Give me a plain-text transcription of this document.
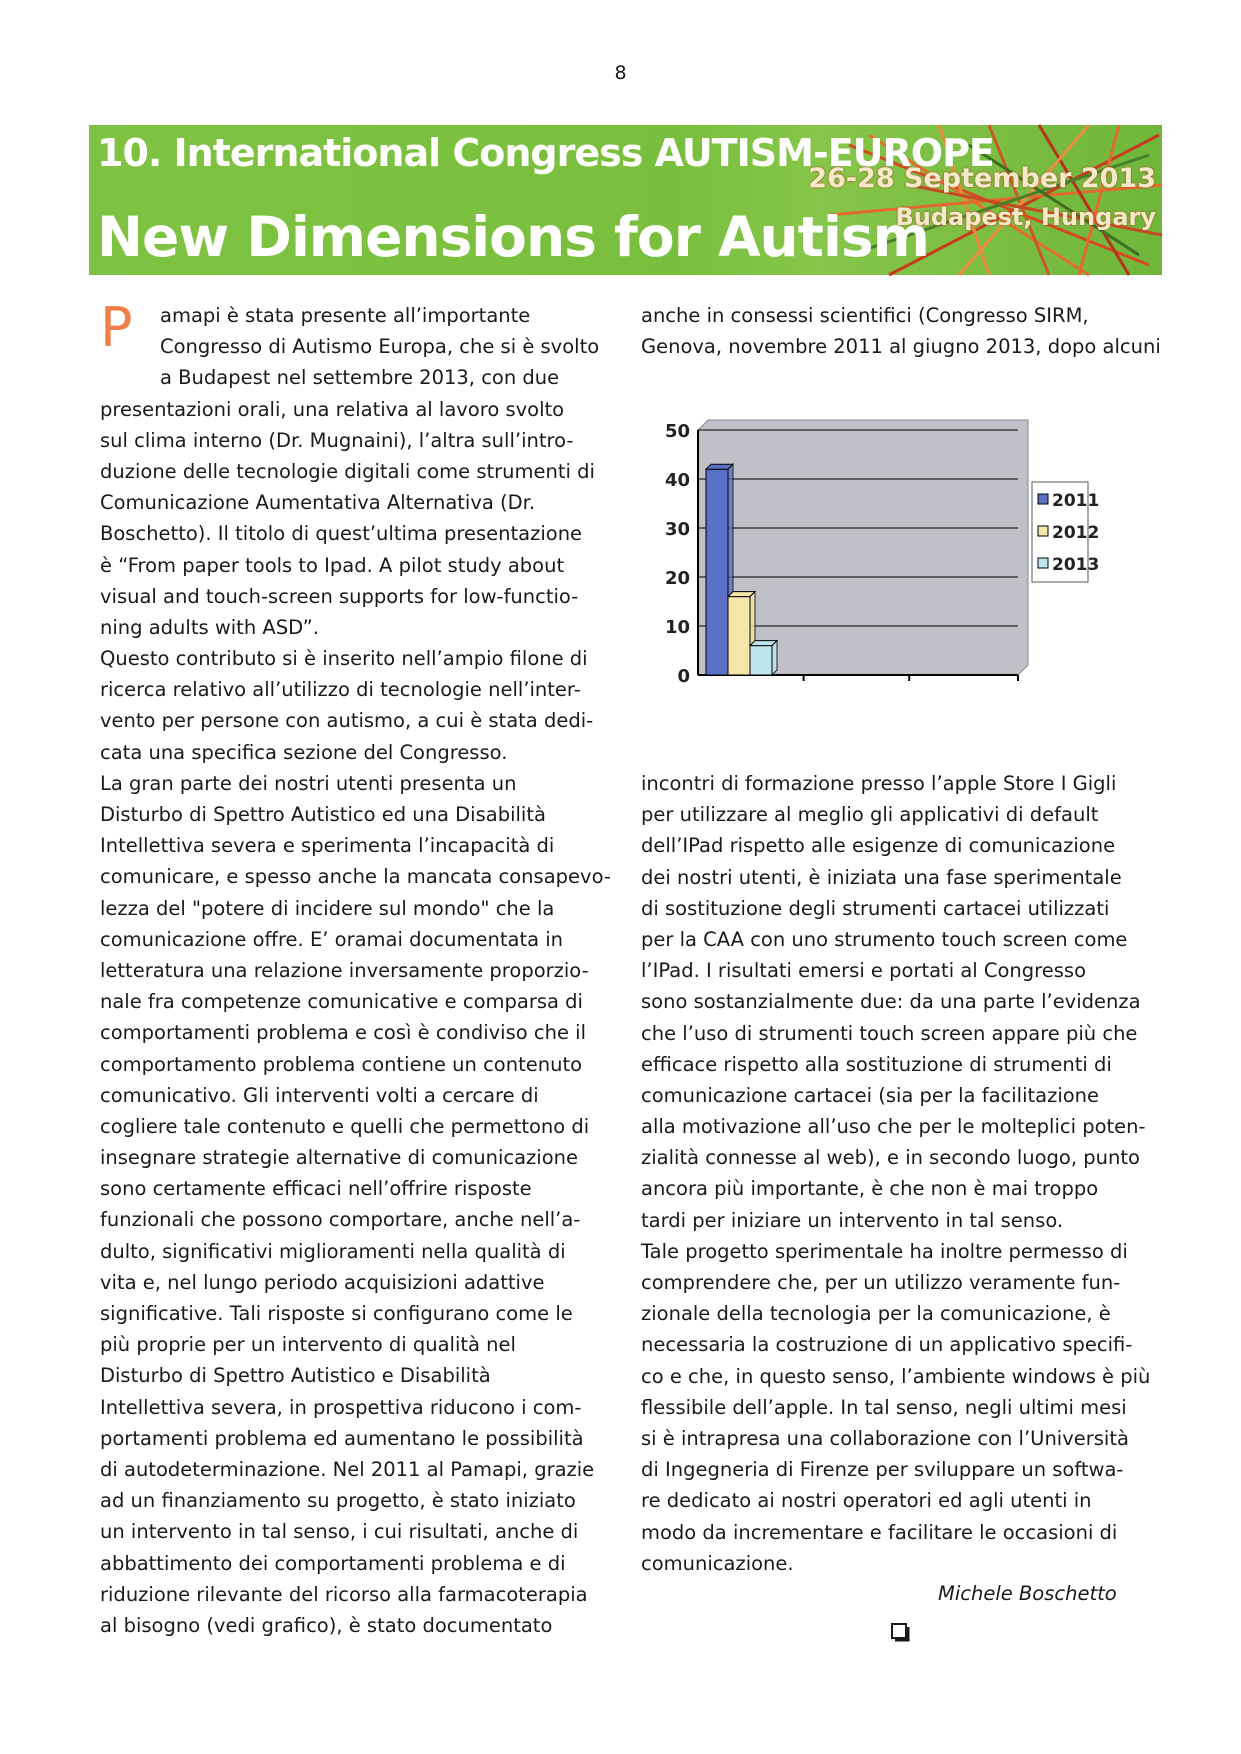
8
10. International Congress AUTISM-EUROPE
New Dimensions for Autism
26-28 September 2013
Budapest, Hungary
P	amapi è stata presente all’importante
Congresso di Autismo Europa, che si è svolto
a Budapest nel settembre 2013, con due
presentazioni orali, una relativa al lavoro svolto
sul clima interno (Dr. Mugnaini), l’altra sull’intro-
duzione delle tecnologie digitali come strumenti di
Comunicazione Aumentativa Alternativa (Dr.
Boschetto). Il titolo di quest’ultima presentazione
è “From paper tools to Ipad. A pilot study about
visual and touch-screen supports for low-functio-
ning adults with ASD”.
Questo contributo si è inserito nell’ampio filone di
ricerca relativo all’utilizzo di tecnologie nell’inter-
vento per persone con autismo, a cui è stata dedi-
cata una specifica sezione del Congresso.
La gran parte dei nostri utenti presenta un
Disturbo di Spettro Autistico ed una Disabilità
Intellettiva severa e sperimenta l’incapacità di
comunicare, e spesso anche la mancata consapevo-
lezza del "potere di incidere sul mondo" che la
comunicazione offre. E’ oramai documentata in
letteratura una relazione inversamente proporzio-
nale fra competenze comunicative e comparsa di
comportamenti problema e così è condiviso che il
comportamento problema contiene un contenuto
comunicativo. Gli interventi volti a cercare di
cogliere tale contenuto e quelli che permettono di
insegnare strategie alternative di comunicazione
sono certamente efficaci nell’offrire risposte
funzionali che possono comportare, anche nell’a-
dulto, significativi miglioramenti nella qualità di
vita e, nel lungo periodo acquisizioni adattive
significative. Tali risposte si configurano come le
più proprie per un intervento di qualità nel
Disturbo di Spettro Autistico e Disabilità
Intellettiva severa, in prospettiva riducono i com-
portamenti problema ed aumentano le possibilità
di autodeterminazione. Nel 2011 al Pamapi, grazie
ad un finanziamento su progetto, è stato iniziato
un intervento in tal senso, i cui risultati, anche di
abbattimento dei comportamenti problema e di
riduzione rilevante del ricorso alla farmacoterapia
al bisogno (vedi grafico), è stato documentato
anche in consessi scientifici (Congresso SIRM,
Genova, novembre 2011 al giugno 2013, dopo alcuni
0
10
20
30
40
50
2011
2012
2013
incontri di formazione presso l’apple Store I Gigli
per utilizzare al meglio gli applicativi di default
dell’IPad rispetto alle esigenze di comunicazione
dei nostri utenti, è iniziata una fase sperimentale
di sostituzione degli strumenti cartacei utilizzati
per la CAA con uno strumento touch screen come
l’IPad. I risultati emersi e portati al Congresso
sono sostanzialmente due: da una parte l’evidenza
che l’uso di strumenti touch screen appare più che
efficace rispetto alla sostituzione di strumenti di
comunicazione cartacei (sia per la facilitazione
alla motivazione all’uso che per le molteplici poten-
zialità connesse al web), e in secondo luogo, punto
ancora più importante, è che non è mai troppo
tardi per iniziare un intervento in tal senso.
Tale progetto sperimentale ha inoltre permesso di
comprendere che, per un utilizzo veramente fun-
zionale della tecnologia per la comunicazione, è
necessaria la costruzione di un applicativo specifi-
co e che, in questo senso, l’ambiente windows è più
flessibile dell’apple. In tal senso, negli ultimi mesi
si è intrapresa una collaborazione con l’Università
di Ingegneria di Firenze per sviluppare un softwa-
re dedicato ai nostri operatori ed agli utenti in
modo da incrementare e facilitare le occasioni di
comunicazione.
Michele Boschetto
